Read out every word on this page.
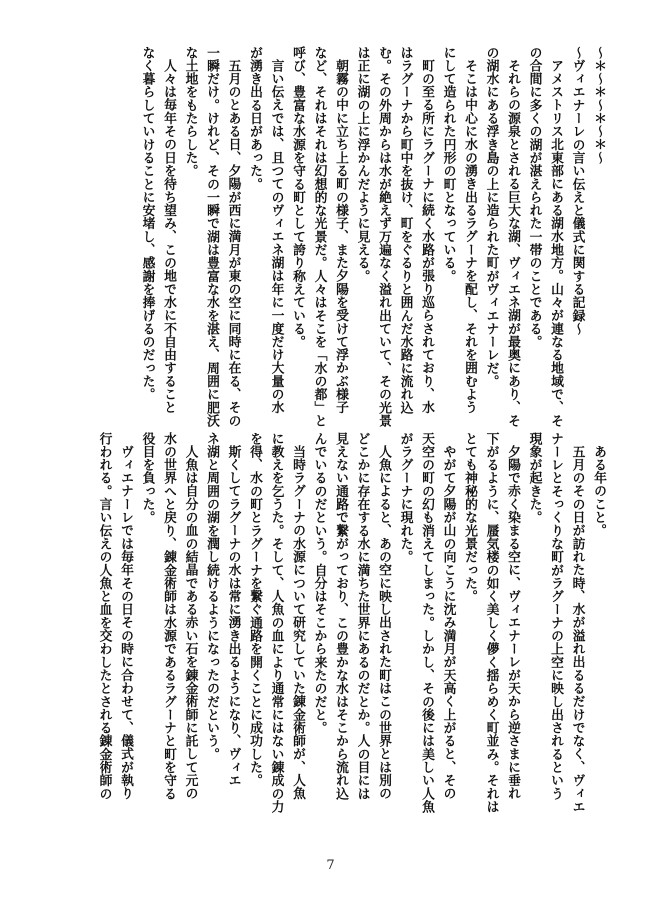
～＊～＊～＊～＊～
～ヴィエナーレの言い伝えと儀式に関する記録～
アメストリス北東部にある湖水地方。山々が連なる地域で、そ
の合間に多くの湖が湛えられた一帯のことである。
それらの源泉とされる巨大な湖、ヴィエネ湖が最奥にあり、そ
の湖水にある浮き島の上に造られた町がヴィエナーレだ。
そこは中心に水の湧き出るラグーナを配し、それを囲むよう
にして造られた円形の町となっている。
町の至る所にラグーナに続く水路が張り巡らされており、水
はラグーナから町中を抜け、町をぐるりと囲んだ水路に流れ込
む。その外周からは水が絶えず万遍なく溢れ出ていて、その光景
は正に湖の上に浮かんだように見える。
朝霧の中に立ち上る町の様子、また夕陽を受けて浮かぶ様子
など、それはそれは幻想的な光景だ。人々はそこを「水の都」と
呼び、豊富な水源を守る町として誇り称えている。
言い伝えでは、且つてのヴィエネ湖は年に一度だけ大量の水
が湧き出る日があった。
五月のとある日、夕陽が西に満月が東の空に同時に在る、その
一瞬だけ。けれど、その一瞬で湖は豊富な水を湛え、周囲に肥沃
な土地をもたらした。
人々は毎年その日を待ち望み、この地で水に不自由すること
なく暮らしていけることに安堵し、感謝を捧げるのだった。
ある年のこと。
五月のその日が訪れた時、水が溢れ出るるだけでなく、ヴィエ
ナーレとそっくりな町がラグーナの上空に映し出されるという
現象が起きた。
夕陽で赤く染まる空に、ヴィエナーレが天から逆さまに垂れ
下がるように、蜃気楼の如く美しく儚く揺らめく町並み。それは
とても神秘的な光景だった。
やがて夕陽が山の向こうに沈み満月が天高く上がると、その
天空の町の幻も消えてしまった。しかし、その後には美しい人魚
がラグーナに現れた。
人魚によると、あの空に映し出された町はこの世界とは別の
どこかに存在する水に満ちた世界にあるのだとか。人の目には
見えない通路で繋がっており、この豊かな水はそこから流れ込
んでいるのだという。自分はそこから来たのだと。
当時ラグーナの水源について研究していた錬金術師が、人魚
に教えを乞うた。そして、人魚の血により通常にはない錬成の力
を得、水の町とラグーナを繋ぐ通路を開くことに成功した。
斯くしてラグーナの水は常に湧き出るようになり、ヴィエ
ネ湖と周囲の湖を潤し続けるようになったのだという。
人魚は自分の血の結晶である赤い石を錬金術師に託して元の
水の世界へと戻り、錬金術師は水源であるラグーナと町を守る
役目を負った。
ヴィエナーレでは毎年その日その時に合わせて、儀式が執り
行われる。言い伝えの人魚と血を交わしたとされる錬金術師の
7
